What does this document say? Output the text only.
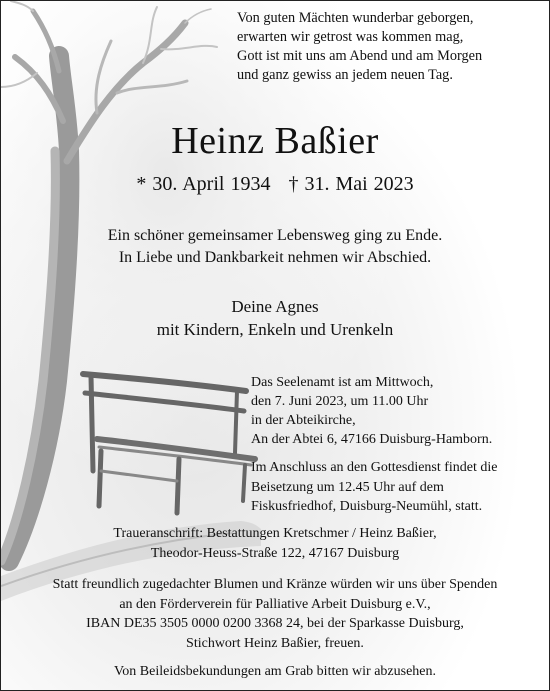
Von guten Mächten wunderbar geborgen,
erwarten wir getrost was kommen mag,
Gott ist mit uns am Abend und am Morgen
und ganz gewiss an jedem neuen Tag.

Heinz Baßier

* 30. April 1934 † 31. Mai 2023

Ein schöner gemeinsamer Lebensweg ging zu Ende.
In Liebe und Dankbarkeit nehmen wir Abschied.

Deine Agnes
mit Kindern, Enkeln und Urenkeln

Das Seelenamt ist am Mittwoch,
den 7. Juni 2023, um 11.00 Uhr
in der Abteikirche,
An der Abtei 6, 47166 Duisburg-Hamborn.

Im Anschluss an den Gottesdienst findet die
Beisetzung um 12.45 Uhr auf dem
Fiskusfriedhof, Duisburg-Neumühl, statt.

Traueranschrift: Bestattungen Kretschmer / Heinz Baßier,
Theodor-Heuss-Straße 122, 47167 Duisburg

Statt freundlich zugedachter Blumen und Kränze würden wir uns über Spenden
an den Förderverein für Palliative Arbeit Duisburg e.V.,
IBAN DE35 3505 0000 0200 3368 24, bei der Sparkasse Duisburg,
Stichwort Heinz Baßier, freuen.

Von Beileidsbekundungen am Grab bitten wir abzusehen.
